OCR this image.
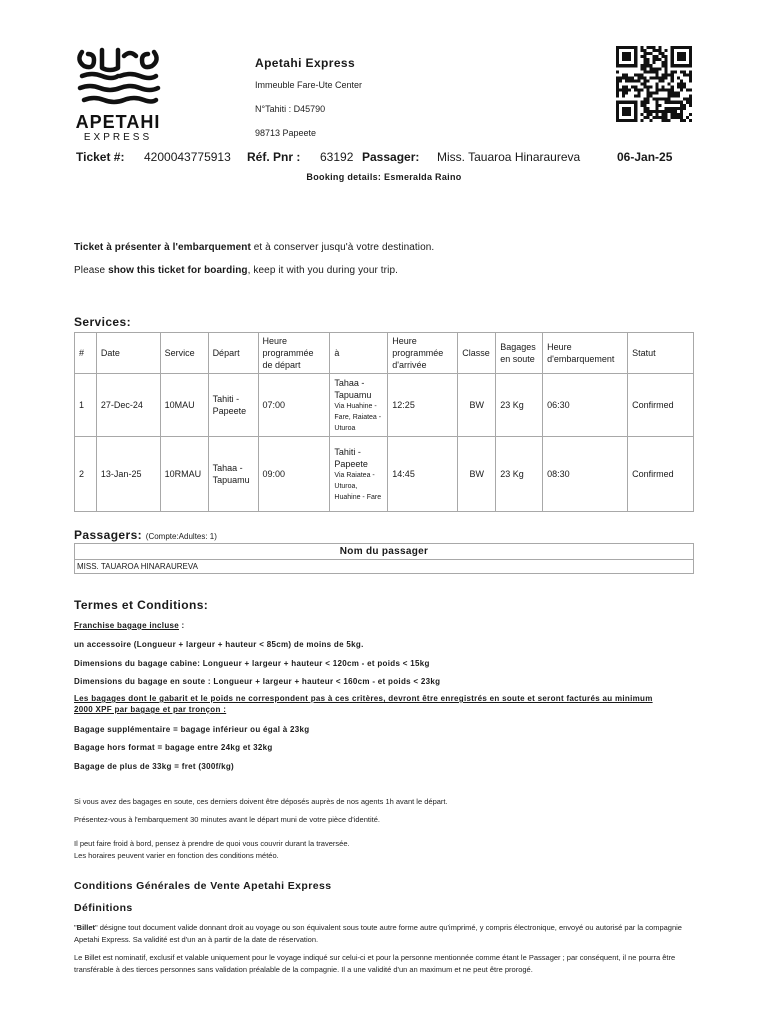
APETAHI
EXPRESS
Apetahi Express
Immeuble Fare-Ute Center
N°Tahiti : D45790
98713 Papeete
Ticket #: 4200043775913 Réf. Pnr : 63192 Passager: Miss. Tauaroa Hinaraureva	06-Jan-25
Booking details: Esmeralda Raino
Ticket à présenter à l'embarquement et à conserver jusqu'à votre destination.
Please show this ticket for boarding, keep it with you during your trip.
Services:
#	Date	Service	Départ	Heure programmée de départ	à	Heure programmée d'arrivée	Classe	Bagages en soute	Heure d'embarquement	Statut
1	27-Dec-24	10MAU	Tahiti - Papeete	07:00	Tahaa - Tapuamu
Via Huahine - Fare, Raiatea - Uturoa	12:25	BW	23 Kg	06:30	Confirmed
2	13-Jan-25	10RMAU	Tahaa - Tapuamu	09:00	Tahiti - Papeete
Via Raiatea - Uturoa, Huahine - Fare	14:45	BW	23 Kg	08:30	Confirmed
Passagers: (Compte:Adultes: 1)
Nom du passager
MISS. TAUAROA HINARAUREVA
Termes et Conditions:
Franchise bagage incluse :
un accessoire (Longueur + largeur + hauteur < 85cm) de moins de 5kg.
Dimensions du bagage cabine: Longueur + largeur + hauteur < 120cm - et poids < 15kg
Dimensions du bagage en soute : Longueur + largeur + hauteur < 160cm - et poids < 23kg
Les bagages dont le gabarit et le poids ne correspondent pas à ces critères, devront être enregistrés en soute et seront facturés au minimum 2000 XPF par bagage et par tronçon :
Bagage supplémentaire = bagage inférieur ou égal à 23kg
Bagage hors format = bagage entre 24kg et 32kg
Bagage de plus de 33kg = fret (300f/kg)
Si vous avez des bagages en soute, ces derniers doivent être déposés auprès de nos agents 1h avant le départ.
Présentez-vous à l'embarquement 30 minutes avant le départ muni de votre pièce d'identité.
Il peut faire froid à bord, pensez à prendre de quoi vous couvrir durant la traversée.
Les horaires peuvent varier en fonction des conditions météo.
Conditions Générales de Vente Apetahi Express
Définitions
"Billet" désigne tout document valide donnant droit au voyage ou son équivalent sous toute autre forme autre qu'imprimé, y compris électronique, envoyé ou autorisé par la compagnie Apetahi Express. Sa validité est d'un an à partir de la date de réservation.
Le Billet est nominatif, exclusif et valable uniquement pour le voyage indiqué sur celui-ci et pour la personne mentionnée comme étant le Passager ; par conséquent, il ne pourra être transférable à des tierces personnes sans validation préalable de la compagnie. Il a une validité d'un an maximum et ne peut être prorogé.
